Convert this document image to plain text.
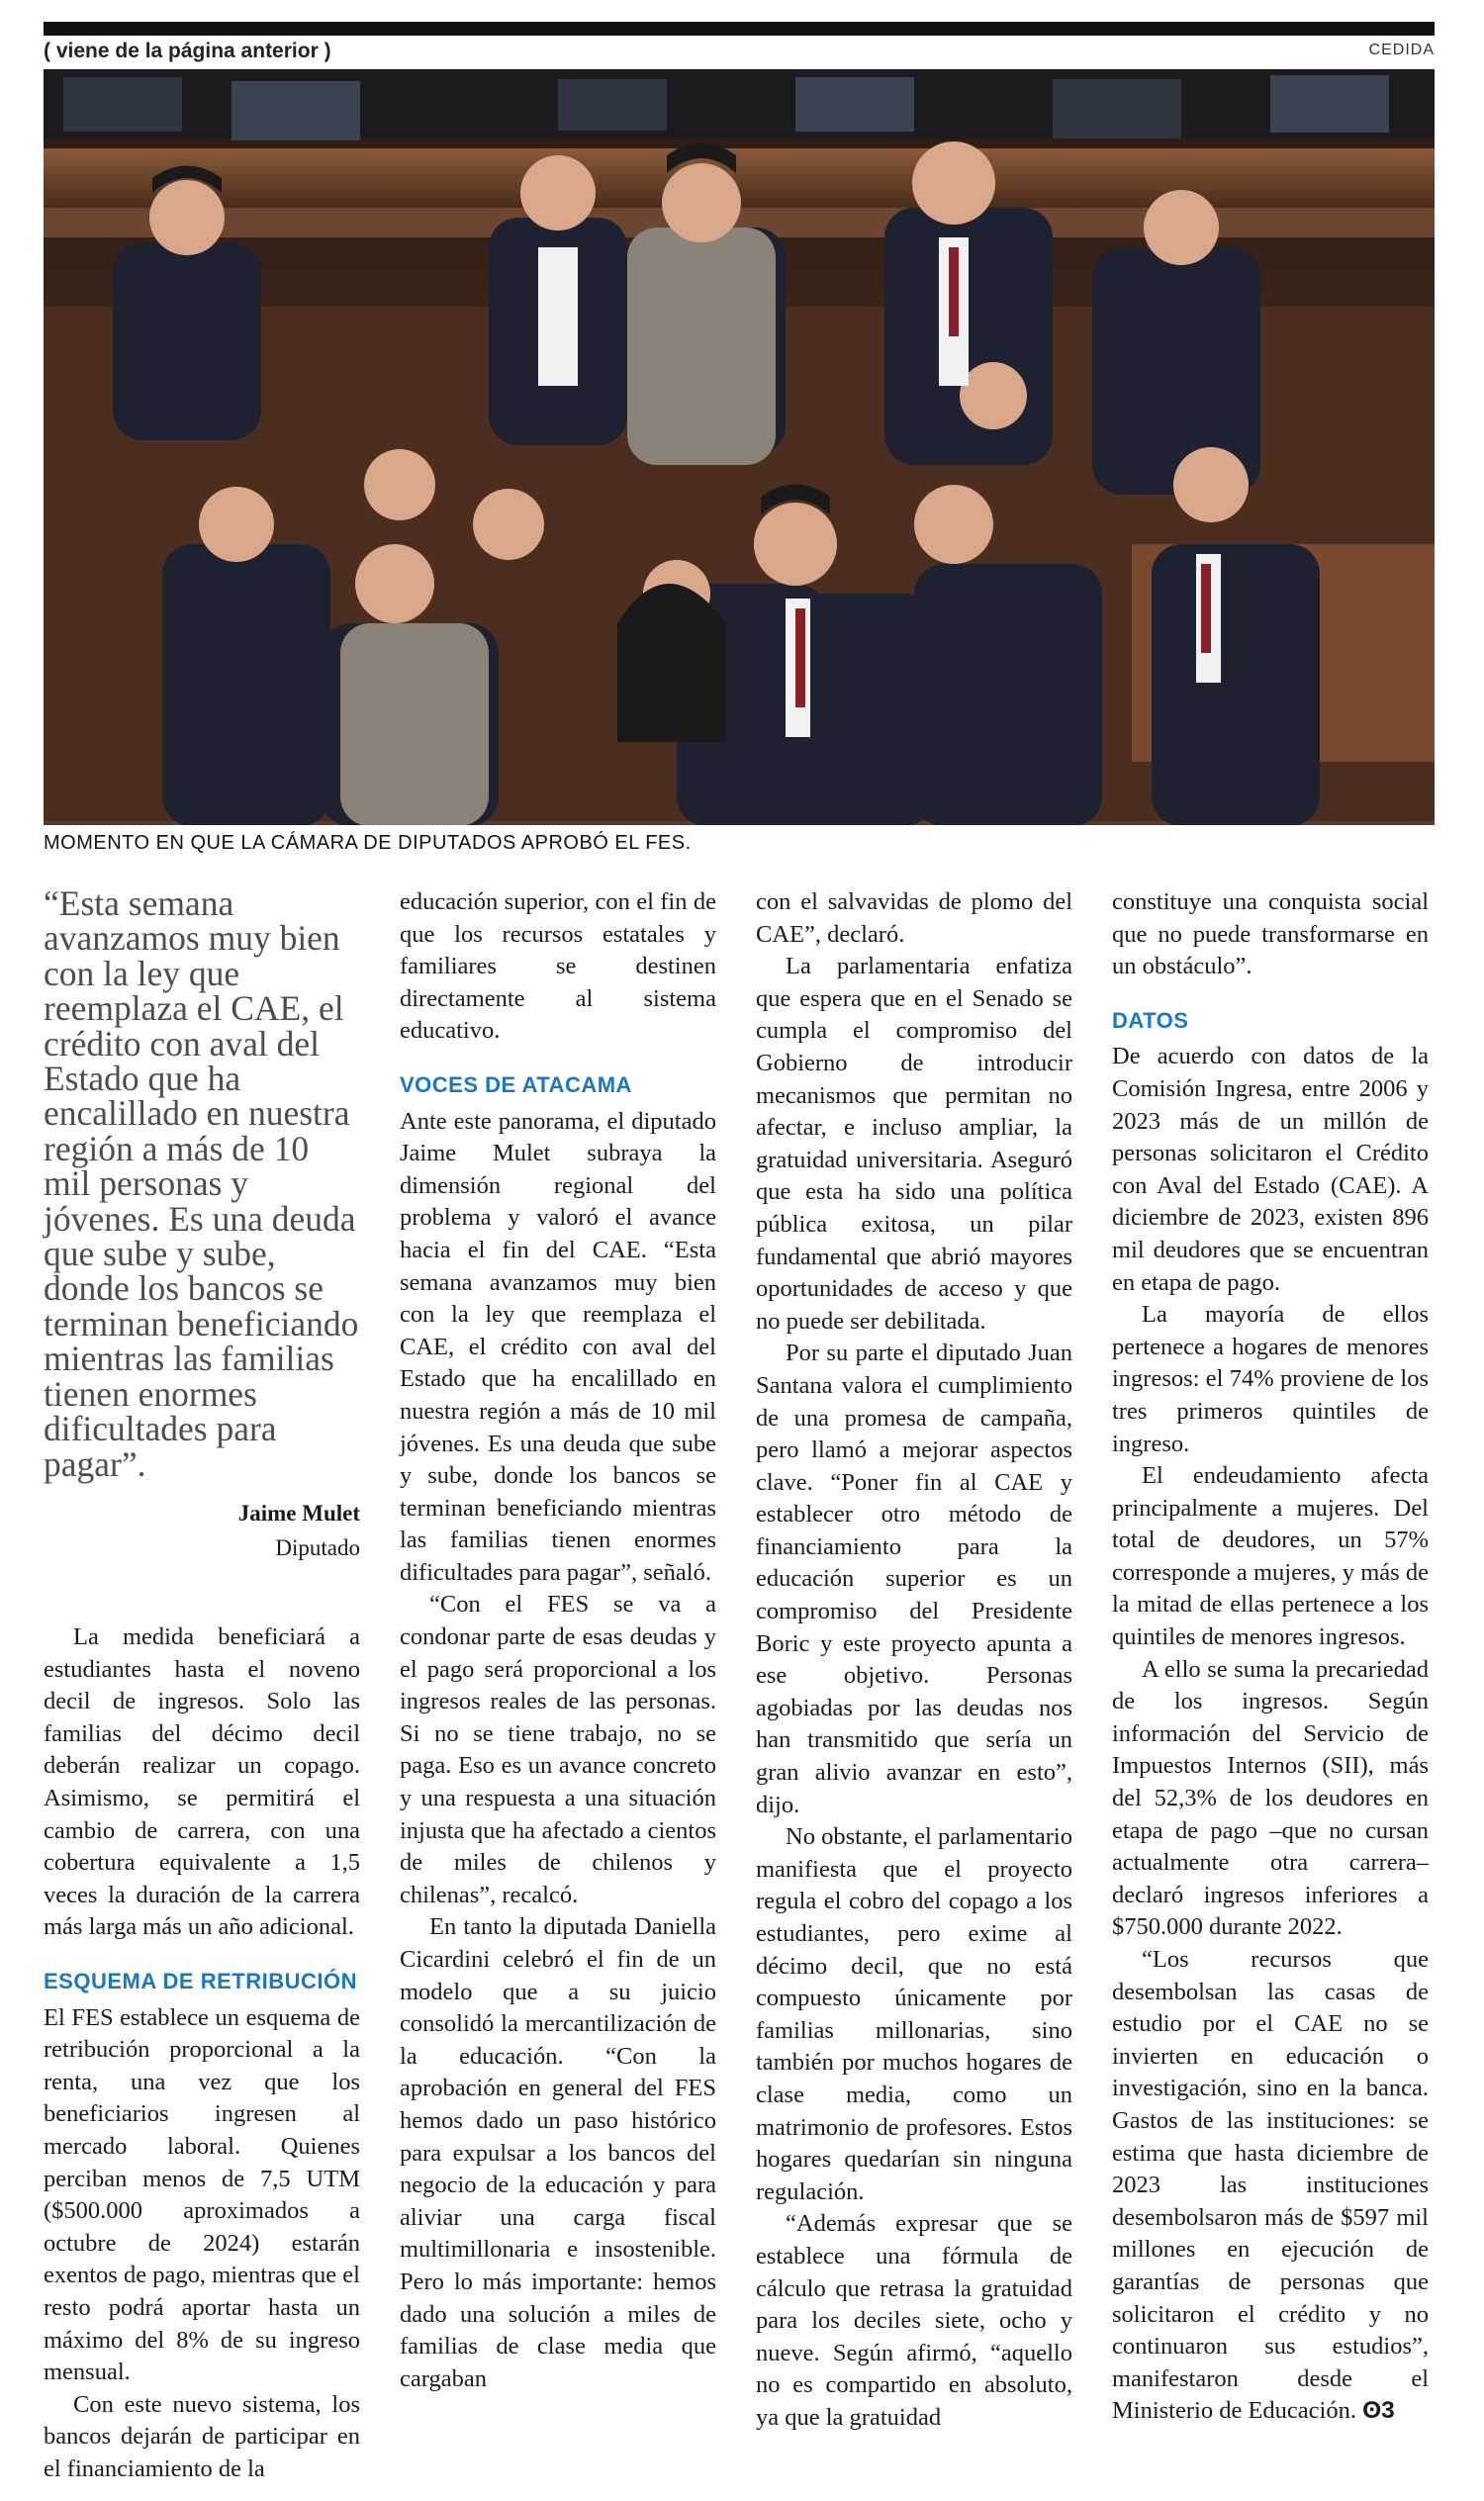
( viene de la página anterior )	CEDIDA
MOMENTO EN QUE LA CÁMARA DE DIPUTADOS APROBÓ EL FES.
“Esta semana avanzamos muy bien con la ley que reemplaza el CAE, el crédito con aval del Estado que ha encalillado en nuestra región a más de 10 mil personas y jóvenes. Es una deuda que sube y sube, donde los bancos se terminan beneficiando mientras las familias tienen enormes dificultades para pagar”.
Jaime Mulet
Diputado

La medida beneficiará a estudiantes hasta el noveno decil de ingresos. Solo las familias del décimo decil deberán realizar un copago. Asimismo, se permitirá el cambio de carrera, con una cobertura equivalente a 1,5 veces la duración de la carrera más larga más un año adicional.

ESQUEMA DE RETRIBUCIÓN

El FES establece un esquema de retribución proporcional a la renta, una vez que los beneficiarios ingresen al mercado laboral. Quienes perciban menos de 7,5 UTM ($500.000 aproximados a octubre de 2024) estarán exentos de pago, mientras que el resto podrá aportar hasta un máximo del 8% de su ingreso mensual.

Con este nuevo sistema, los bancos dejarán de participar en el financiamiento de la

educación superior, con el fin de que los recursos estatales y familiares se destinen directamente al sistema educativo.

VOCES DE ATACAMA

Ante este panorama, el diputado Jaime Mulet subraya la dimensión regional del problema y valoró el avance hacia el fin del CAE. “Esta semana avanzamos muy bien con la ley que reemplaza el CAE, el crédito con aval del Estado que ha encalillado en nuestra región a más de 10 mil jóvenes. Es una deuda que sube y sube, donde los bancos se terminan beneficiando mientras las familias tienen enormes dificultades para pagar”, señaló.

“Con el FES se va a condonar parte de esas deudas y el pago será proporcional a los ingresos reales de las personas. Si no se tiene trabajo, no se paga. Eso es un avance concreto y una respuesta a una situación injusta que ha afectado a cientos de miles de chilenos y chilenas”, recalcó.

En tanto la diputada Daniella Cicardini celebró el fin de un modelo que a su juicio consolidó la mercantilización de la educación. “Con la aprobación en general del FES hemos dado un paso histórico para expulsar a los bancos del negocio de la educación y para aliviar una carga fiscal multimillonaria e insostenible. Pero lo más importante: hemos dado una solución a miles de familias de clase media que cargaban

con el salvavidas de plomo del CAE”, declaró.

La parlamentaria enfatiza que espera que en el Senado se cumpla el compromiso del Gobierno de introducir mecanismos que permitan no afectar, e incluso ampliar, la gratuidad universitaria. Aseguró que esta ha sido una política pública exitosa, un pilar fundamental que abrió mayores oportunidades de acceso y que no puede ser debilitada.

Por su parte el diputado Juan Santana valora el cumplimiento de una promesa de campaña, pero llamó a mejorar aspectos clave. “Poner fin al CAE y establecer otro método de financiamiento para la educación superior es un compromiso del Presidente Boric y este proyecto apunta a ese objetivo. Personas agobiadas por las deudas nos han transmitido que sería un gran alivio avanzar en esto”, dijo.

No obstante, el parlamentario manifiesta que el proyecto regula el cobro del copago a los estudiantes, pero exime al décimo decil, que no está compuesto únicamente por familias millonarias, sino también por muchos hogares de clase media, como un matrimonio de profesores. Estos hogares quedarían sin ninguna regulación.

“Además expresar que se establece una fórmula de cálculo que retrasa la gratuidad para los deciles siete, ocho y nueve. Según afirmó, “aquello no es compartido en absoluto, ya que la gratuidad

constituye una conquista social que no puede transformarse en un obstáculo”.

DATOS

De acuerdo con datos de la Comisión Ingresa, entre 2006 y 2023 más de un millón de personas solicitaron el Crédito con Aval del Estado (CAE). A diciembre de 2023, existen 896 mil deudores que se encuentran en etapa de pago.

La mayoría de ellos pertenece a hogares de menores ingresos: el 74% proviene de los tres primeros quintiles de ingreso.

El endeudamiento afecta principalmente a mujeres. Del total de deudores, un 57% corresponde a mujeres, y más de la mitad de ellas pertenece a los quintiles de menores ingresos.

A ello se suma la precariedad de los ingresos. Según información del Servicio de Impuestos Internos (SII), más del 52,3% de los deudores en etapa de pago –que no cursan actualmente otra carrera– declaró ingresos inferiores a $750.000 durante 2022.

“Los recursos que desembolsan las casas de estudio por el CAE no se invierten en educación o investigación, sino en la banca. Gastos de las instituciones: se estima que hasta diciembre de 2023 las instituciones desembolsaron más de $597 mil millones en ejecución de garantías de personas que solicitaron el crédito y no continuaron sus estudios”, manifestaron desde el Ministerio de Educación. ʘ3
